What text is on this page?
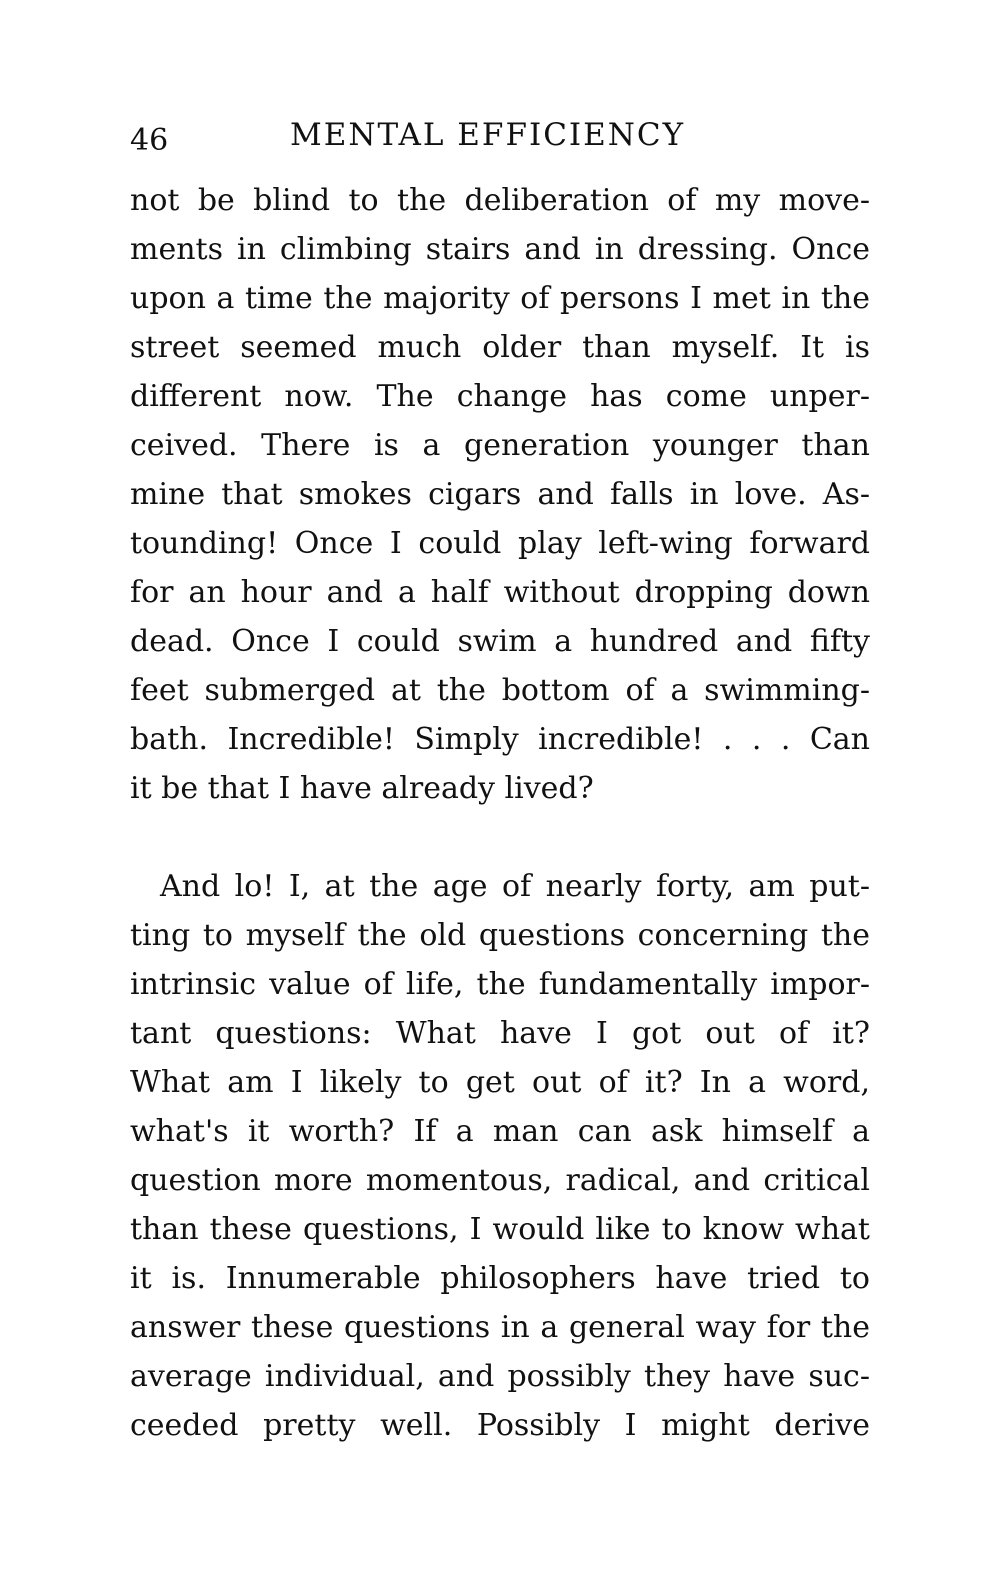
46	MENTAL EFFICIENCY
not be blind to the deliberation of my move-
ments in climbing stairs and in dressing. Once
upon a time the majority of persons I met in the
street seemed much older than myself. It is
different now. The change has come unper-
ceived. There is a generation younger than
mine that smokes cigars and falls in love. As-
tounding! Once I could play left-wing forward
for an hour and a half without dropping down
dead. Once I could swim a hundred and fifty
feet submerged at the bottom of a swimming-
bath. Incredible! Simply incredible! . . . Can
it be that I have already lived?
And lo! I, at the age of nearly forty, am put-
ting to myself the old questions concerning the
intrinsic value of life, the fundamentally impor-
tant questions: What have I got out of it?
What am I likely to get out of it? In a word,
what's it worth? If a man can ask himself a
question more momentous, radical, and critical
than these questions, I would like to know what
it is. Innumerable philosophers have tried to
answer these questions in a general way for the
average individual, and possibly they have suc-
ceeded pretty well. Possibly I might derive
